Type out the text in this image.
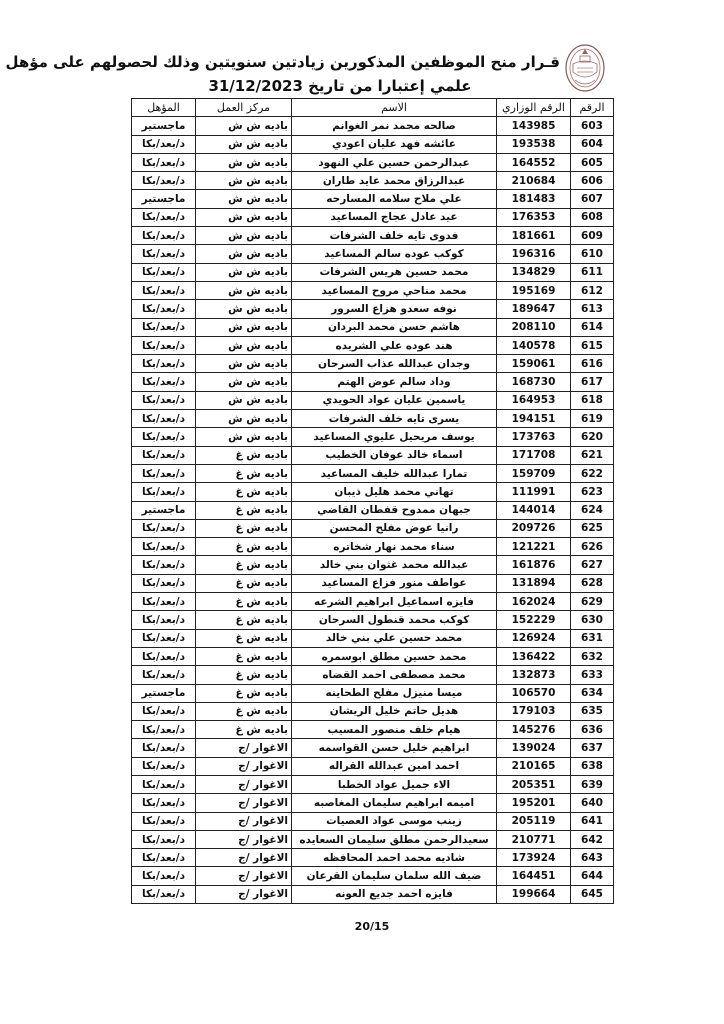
قـرار منح الموظفين المذكورين زيادتين سنويتين وذلك لحصولهم على مؤهل
علمي إعتبارا من تاريخ 31/12/2023
الرقم	الرقم الوزاري	الاسم	مركز العمل	المؤهل
603	143985	صالحه محمد نمر الغوانم	باديه ش ش	ماجستير
604	193538	عائشه فهد عليان اعودي	باديه ش ش	د/بعد/بكا
605	164552	عبدالرحمن حسين علي النهود	باديه ش ش	د/بعد/بكا
606	210684	عبدالرزاق محمد عايد طاران	باديه ش ش	د/بعد/بكا
607	181483	علي ملاح سلامه المسارحه	باديه ش ش	ماجستير
608	176353	عيد عادل عجاج المساعيد	باديه ش ش	د/بعد/بكا
609	181661	فدوى تايه خلف الشرفات	باديه ش ش	د/بعد/بكا
610	196316	كوكب عوده سالم المساعيد	باديه ش ش	د/بعد/بكا
611	134829	محمد حسين هريس الشرفات	باديه ش ش	د/بعد/بكا
612	195169	محمد مناحي مروح المساعيد	باديه ش ش	د/بعد/بكا
613	189647	نوفه سعدو هزاع السرور	باديه ش ش	د/بعد/بكا
614	208110	هاشم حسن محمد البردان	باديه ش ش	د/بعد/بكا
615	140578	هند عوده علي الشريده	باديه ش ش	د/بعد/بكا
616	159061	وجدان عبدالله عذاب السرحان	باديه ش ش	د/بعد/بكا
617	168730	وداد سالم عوض الهتم	باديه ش ش	د/بعد/بكا
618	164953	ياسمين عليان عواد الحويدي	باديه ش ش	د/بعد/بكا
619	194151	يسرى تايه خلف الشرفات	باديه ش ش	د/بعد/بكا
620	173763	يوسف مريحيل عليوي المساعيد	باديه ش ش	د/بعد/بكا
621	171708	اسماء خالد عوفان الخطيب	باديه ش غ	د/بعد/بكا
622	159709	تمارا عبدالله خليف المساعيد	باديه ش غ	د/بعد/بكا
623	111991	تهاني محمد هليل ذيبان	باديه ش غ	د/بعد/بكا
624	144014	جبهان ممدوح قفطان القاضي	باديه ش غ	ماجستير
625	209726	رانيا عوض مفلح المحسن	باديه ش غ	د/بعد/بكا
626	121221	سناء محمد نهار شخاتره	باديه ش غ	د/بعد/بكا
627	161876	عبدالله محمد غثوان بني خالد	باديه ش غ	د/بعد/بكا
628	131894	عواطف منور فزاع المساعيد	باديه ش غ	د/بعد/بكا
629	162024	فايزه اسماعيل ابراهيم الشرعه	باديه ش غ	د/بعد/بكا
630	152229	كوكب محمد قنطول السرحان	باديه ش غ	د/بعد/بكا
631	126924	محمد حسين علي بني خالد	باديه ش غ	د/بعد/بكا
632	136422	محمد حسين مطلق ابوسمره	باديه ش غ	د/بعد/بكا
633	132873	محمد مصطفى احمد القضاه	باديه ش غ	د/بعد/بكا
634	106570	ميسا منيزل مفلح الطحاينه	باديه ش غ	ماجستير
635	179103	هديل حاتم خليل الريشان	باديه ش غ	د/بعد/بكا
636	145276	هيام خلف منصور المسيب	باديه ش غ	د/بعد/بكا
637	139024	ابراهيم خليل حسن القواسمه	الاغوار /ج	د/بعد/بكا
638	210165	احمد امين عبدالله القراله	الاغوار /ج	د/بعد/بكا
639	205351	الاء جميل عواد الخطبا	الاغوار /ج	د/بعد/بكا
640	195201	اميمه ابراهيم سليمان المغاصبه	الاغوار /ج	د/بعد/بكا
641	205119	زينب موسى عواد العصيات	الاغوار /ج	د/بعد/بكا
642	210771	سعيدالرحمن مطلق سليمان السعايده	الاغوار /ج	د/بعد/بكا
643	173924	شاديه محمد احمد المحافظه	الاغوار /ج	د/بعد/بكا
644	164451	ضيف الله سلمان سليمان القرعان	الاغوار /ج	د/بعد/بكا
645	199664	فايزه احمد جديع العونه	الاغوار /ج	د/بعد/بكا
20/15
